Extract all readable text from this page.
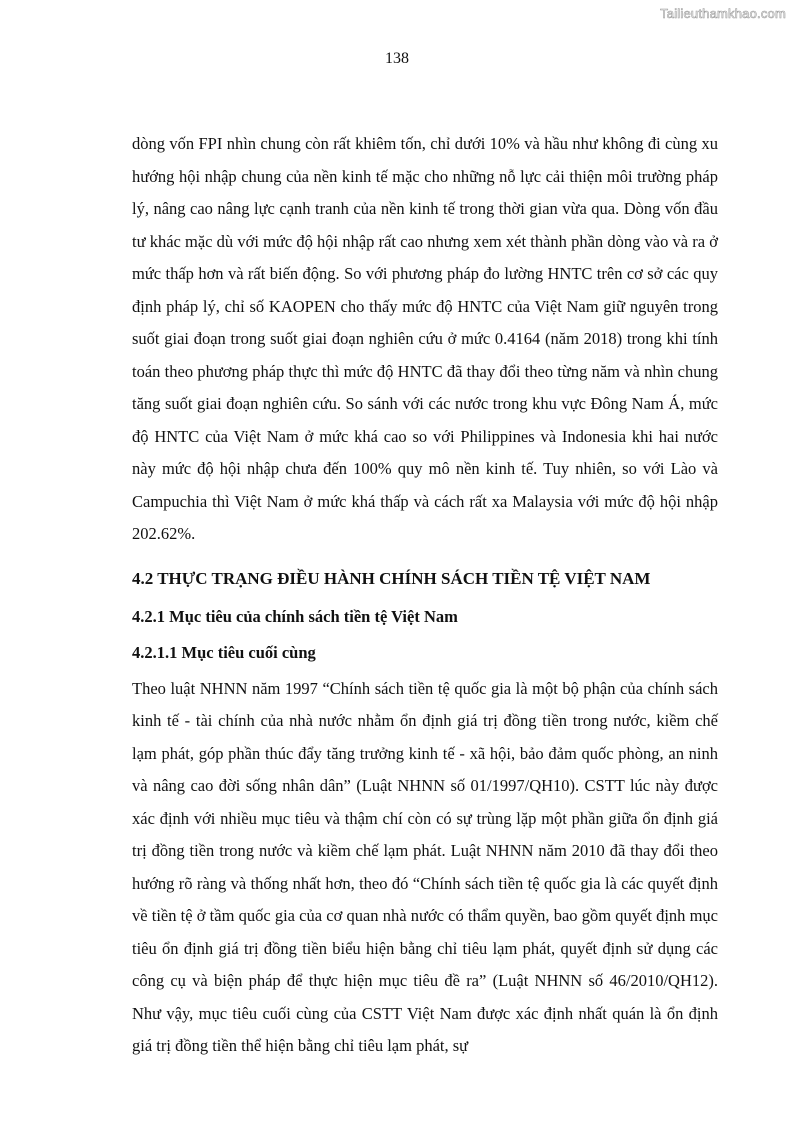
Tailieuthamkhao.com
138

dòng vốn FPI nhìn chung còn rất khiêm tốn, chỉ dưới 10% và hầu như không đi cùng xu hướng hội nhập chung của nền kinh tế mặc cho những nỗ lực cải thiện môi trường pháp lý, nâng cao nâng lực cạnh tranh của nền kinh tế trong thời gian vừa qua. Dòng vốn đầu tư khác mặc dù với mức độ hội nhập rất cao nhưng xem xét thành phần dòng vào và ra ở mức thấp hơn và rất biến động. So với phương pháp đo lường HNTC trên cơ sở các quy định pháp lý, chỉ số KAOPEN cho thấy mức độ HNTC của Việt Nam giữ nguyên trong suốt giai đoạn trong suốt giai đoạn nghiên cứu ở mức 0.4164 (năm 2018) trong khi tính toán theo phương pháp thực thì mức độ HNTC đã thay đổi theo từng năm và nhìn chung tăng suốt giai đoạn nghiên cứu. So sánh với các nước trong khu vực Đông Nam Á, mức độ HNTC của Việt Nam ở mức khá cao so với Philippines và Indonesia khi hai nước này mức độ hội nhập chưa đến 100% quy mô nền kinh tế. Tuy nhiên, so với Lào và Campuchia thì Việt Nam ở mức khá thấp và cách rất xa Malaysia với mức độ hội nhập 202.62%.

4.2 THỰC TRẠNG ĐIỀU HÀNH CHÍNH SÁCH TIỀN TỆ VIỆT NAM
4.2.1 Mục tiêu của chính sách tiền tệ Việt Nam
4.2.1.1 Mục tiêu cuối cùng

Theo luật NHNN năm 1997 “Chính sách tiền tệ quốc gia là một bộ phận của chính sách kinh tế - tài chính của nhà nước nhằm ổn định giá trị đồng tiền trong nước, kiềm chế lạm phát, góp phần thúc đẩy tăng trưởng kinh tế - xã hội, bảo đảm quốc phòng, an ninh và nâng cao đời sống nhân dân” (Luật NHNN số 01/1997/QH10). CSTT lúc này được xác định với nhiều mục tiêu và thậm chí còn có sự trùng lặp một phần giữa ổn định giá trị đồng tiền trong nước và kiềm chế lạm phát. Luật NHNN năm 2010 đã thay đổi theo hướng rõ ràng và thống nhất hơn, theo đó “Chính sách tiền tệ quốc gia là các quyết định về tiền tệ ở tầm quốc gia của cơ quan nhà nước có thẩm quyền, bao gồm quyết định mục tiêu ổn định giá trị đồng tiền biểu hiện bằng chỉ tiêu lạm phát, quyết định sử dụng các công cụ và biện pháp để thực hiện mục tiêu đề ra” (Luật NHNN số 46/2010/QH12). Như vậy, mục tiêu cuối cùng của CSTT Việt Nam được xác định nhất quán là ổn định giá trị đồng tiền thể hiện bằng chỉ tiêu lạm phát, sự
